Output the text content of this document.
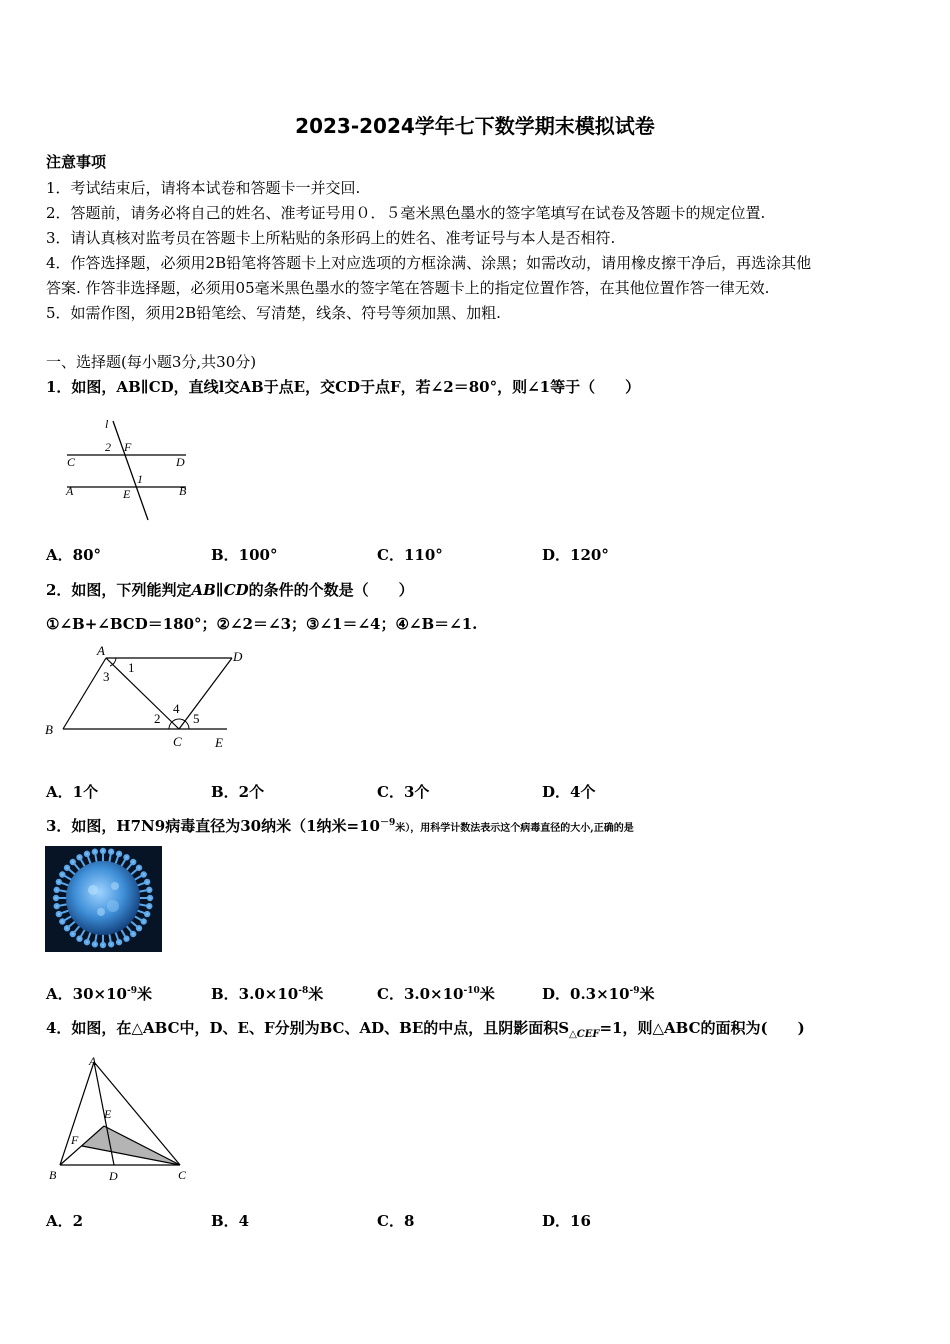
2023-2024学年七下数学期末模拟试卷
注意事项
1．考试结束后，请将本试卷和答题卡一并交回.
2．答题前，请务必将自己的姓名、准考证号用０．５毫米黑色墨水的签字笔填写在试卷及答题卡的规定位置.
3．请认真核对监考员在答题卡上所粘贴的条形码上的姓名、准考证号与本人是否相符.
4．作答选择题，必须用2B铅笔将答题卡上对应选项的方框涂满、涂黑；如需改动，请用橡皮擦干净后，再选涂其他
答案. 作答非选择题，必须用05毫米黑色墨水的签字笔在答题卡上的指定位置作答，在其他位置作答一律无效.
5．如需作图，须用2B铅笔绘、写清楚，线条、符号等须加黑、加粗.
一、选择题(每小题3分,共30分)
1．如图，AB∥CD，直线l交AB于点E，交CD于点F，若∠2＝80°，则∠1等于（　　）
l
2 F
C	D
1
A	E	B
A．80°	B．100°	C．110°	D．120°
2．如图，下列能判定AB∥CD的条件的个数是（　　）
①∠B+∠BCD＝180°；②∠2＝∠3；③∠1＝∠4；④∠B＝∠1.
A	D
1
3
B
2
4
5
C	E
A．1个	B．2个	C．3个	D．4个
3．如图，H7N9病毒直径为30纳米（1纳米$=10^{-9}$米），用科学计数法表示这个病毒直径的大小,正确的是
A．$30\times 10^{-9}$米	B．$3.0\times 10^{-8}$米	C．$3.0\times 10^{-10}$米	D．$0.3\times 10^{-9}$米
4．如图，在△ABC中，D、E、F分别为BC、AD、BE的中点，且阴影面积$S_{\triangle CEF}=1$，则△ABC的面积为(　　)
A
E
F
B	D	C
A．2	B．4	C．8	D．16
